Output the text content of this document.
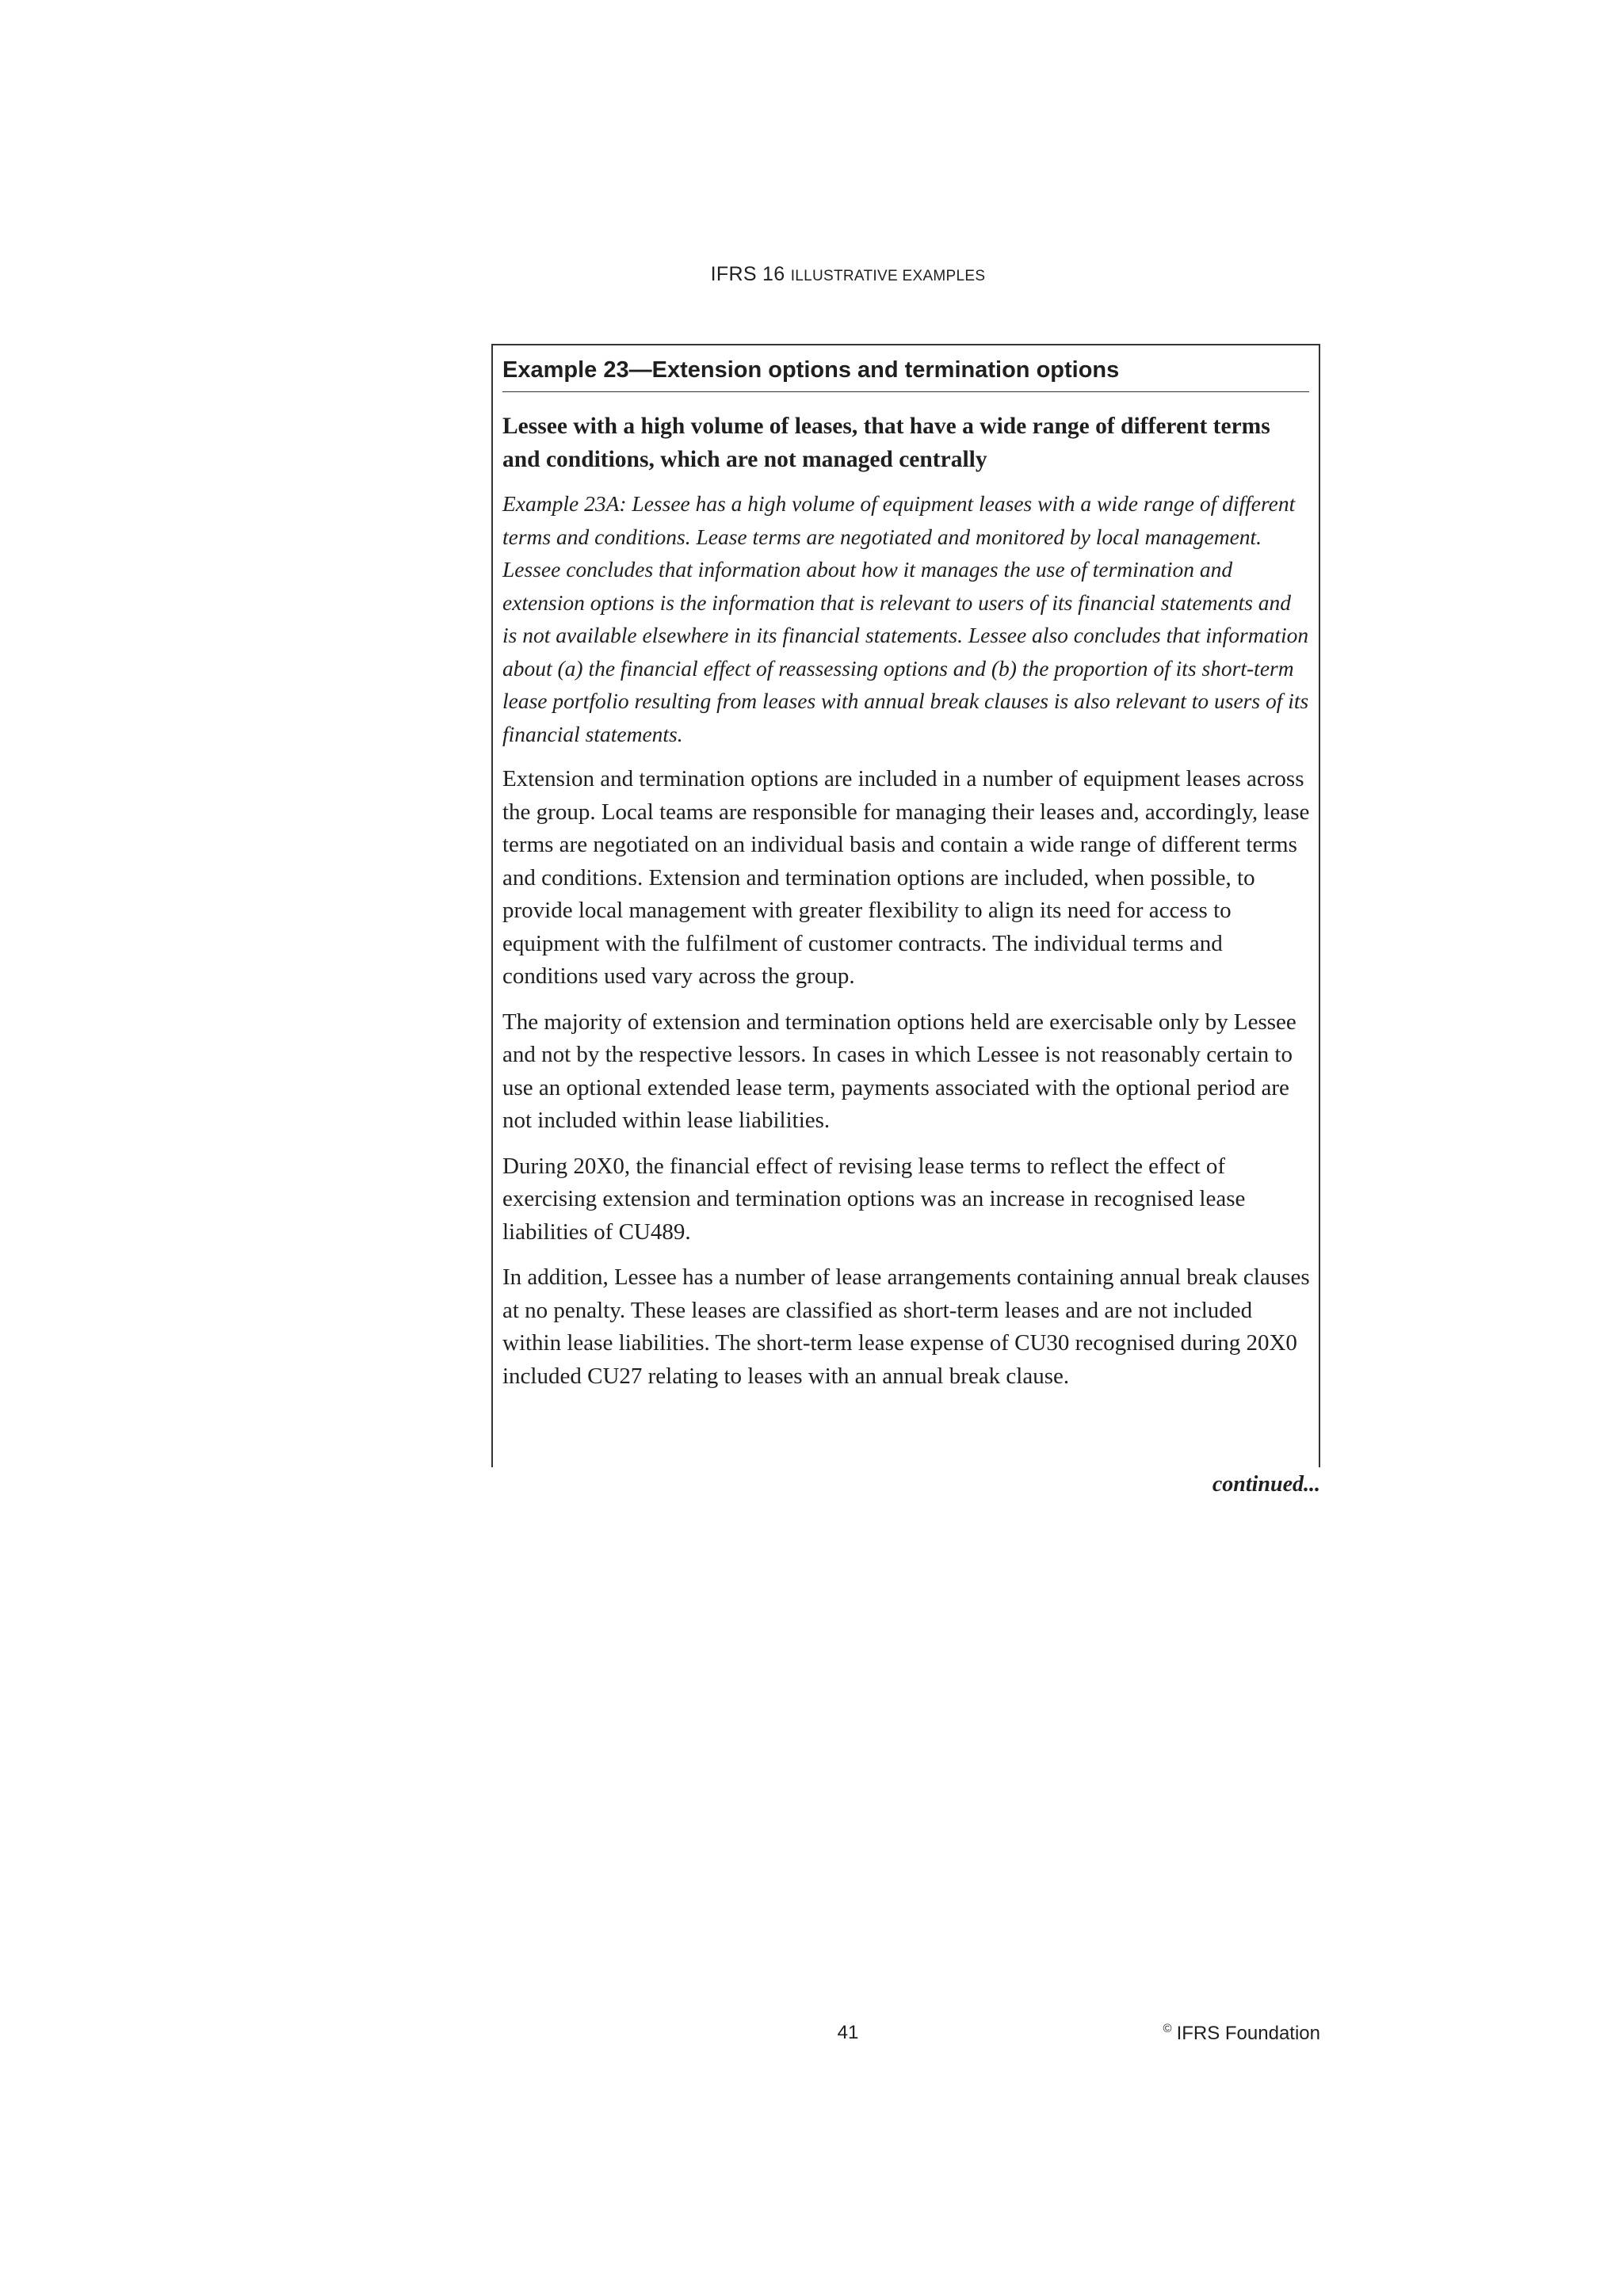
IFRS 16 ILLUSTRATIVE EXAMPLES
Example 23—Extension options and termination options

Lessee with a high volume of leases, that have a wide range of different terms and conditions, which are not managed centrally

Example 23A: Lessee has a high volume of equipment leases with a wide range of different terms and conditions. Lease terms are negotiated and monitored by local management. Lessee concludes that information about how it manages the use of termination and extension options is the information that is relevant to users of its financial statements and is not available elsewhere in its financial statements. Lessee also concludes that information about (a) the financial effect of reassessing options and (b) the proportion of its short-term lease portfolio resulting from leases with annual break clauses is also relevant to users of its financial statements.

Extension and termination options are included in a number of equipment leases across the group. Local teams are responsible for managing their leases and, accordingly, lease terms are negotiated on an individual basis and contain a wide range of different terms and conditions. Extension and termination options are included, when possible, to provide local management with greater flexibility to align its need for access to equipment with the fulfilment of customer contracts. The individual terms and conditions used vary across the group.

The majority of extension and termination options held are exercisable only by Lessee and not by the respective lessors. In cases in which Lessee is not reasonably certain to use an optional extended lease term, payments associated with the optional period are not included within lease liabilities.

During 20X0, the financial effect of revising lease terms to reflect the effect of exercising extension and termination options was an increase in recognised lease liabilities of CU489.

In addition, Lessee has a number of lease arrangements containing annual break clauses at no penalty. These leases are classified as short-term leases and are not included within lease liabilities. The short-term lease expense of CU30 recognised during 20X0 included CU27 relating to leases with an annual break clause.

continued...
41	© IFRS Foundation
